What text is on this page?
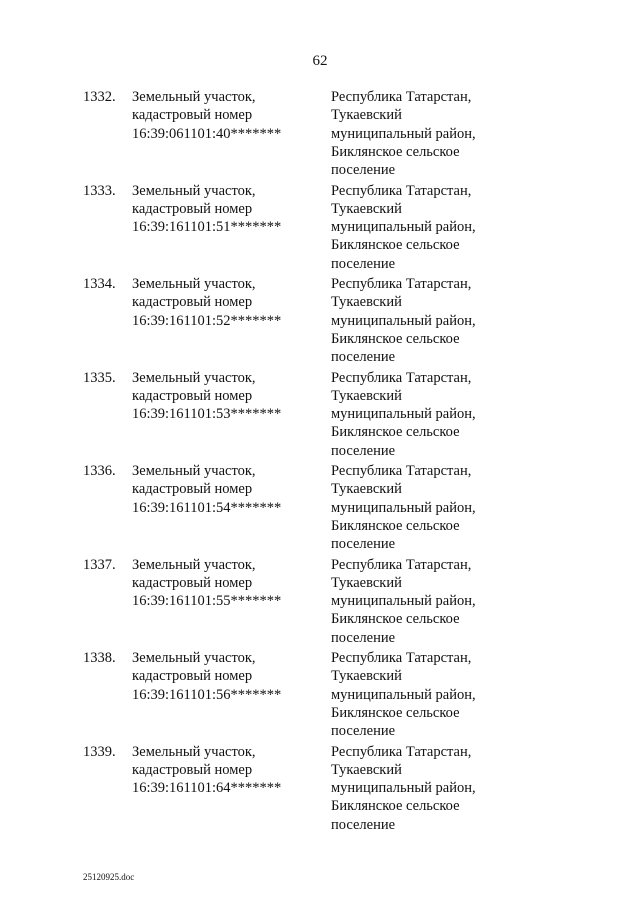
62
1332. Земельный участок,
кадастровый номер
16:39:061101:40*******
Республика Татарстан,
Тукаевский
муниципальный район,
Биклянское сельское
поселение
1333. Земельный участок,
кадастровый номер
16:39:161101:51*******
Республика Татарстан,
Тукаевский
муниципальный район,
Биклянское сельское
поселение
1334. Земельный участок,
кадастровый номер
16:39:161101:52*******
Республика Татарстан,
Тукаевский
муниципальный район,
Биклянское сельское
поселение
1335. Земельный участок,
кадастровый номер
16:39:161101:53*******
Республика Татарстан,
Тукаевский
муниципальный район,
Биклянское сельское
поселение
1336. Земельный участок,
кадастровый номер
16:39:161101:54*******
Республика Татарстан,
Тукаевский
муниципальный район,
Биклянское сельское
поселение
1337. Земельный участок,
кадастровый номер
16:39:161101:55*******
Республика Татарстан,
Тукаевский
муниципальный район,
Биклянское сельское
поселение
1338. Земельный участок,
кадастровый номер
16:39:161101:56*******
Республика Татарстан,
Тукаевский
муниципальный район,
Биклянское сельское
поселение
1339. Земельный участок,
кадастровый номер
16:39:161101:64*******
Республика Татарстан,
Тукаевский
муниципальный район,
Биклянское сельское
поселение
25120925.doc
